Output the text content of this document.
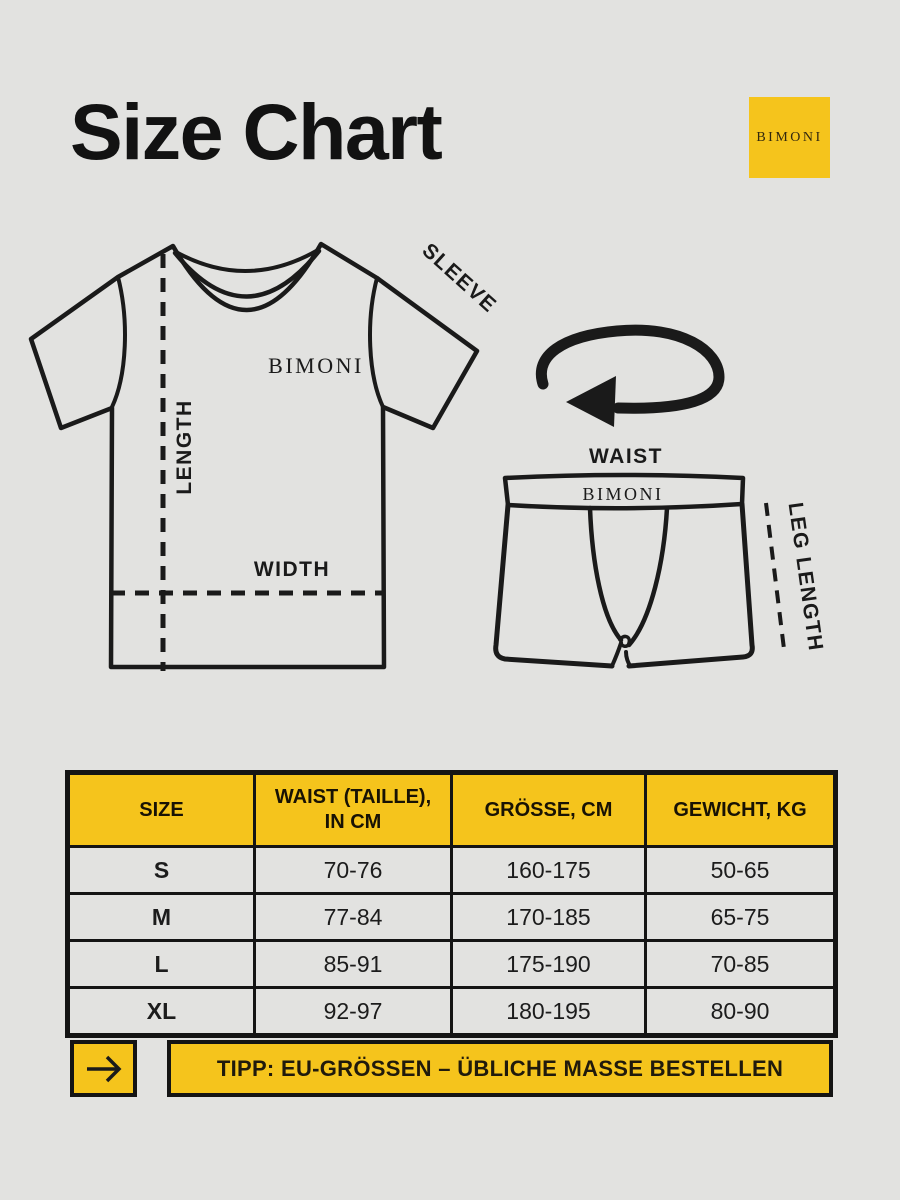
Size Chart	BIMONI
BIMONI
LENGTH
WIDTH
SLEEVE
BIMONI
WAIST
LEG LENGTH
SIZE	WAIST (TAILLE), IN CM	GRÖSSE, CM	GEWICHT, KG
S	70-76	160-175	50-65
M	77-84	170-185	65-75
L	85-91	175-190	70-85
XL	92-97	180-195	80-90
TIPP: EU-GRÖSSEN – ÜBLICHE MASSE BESTELLEN
